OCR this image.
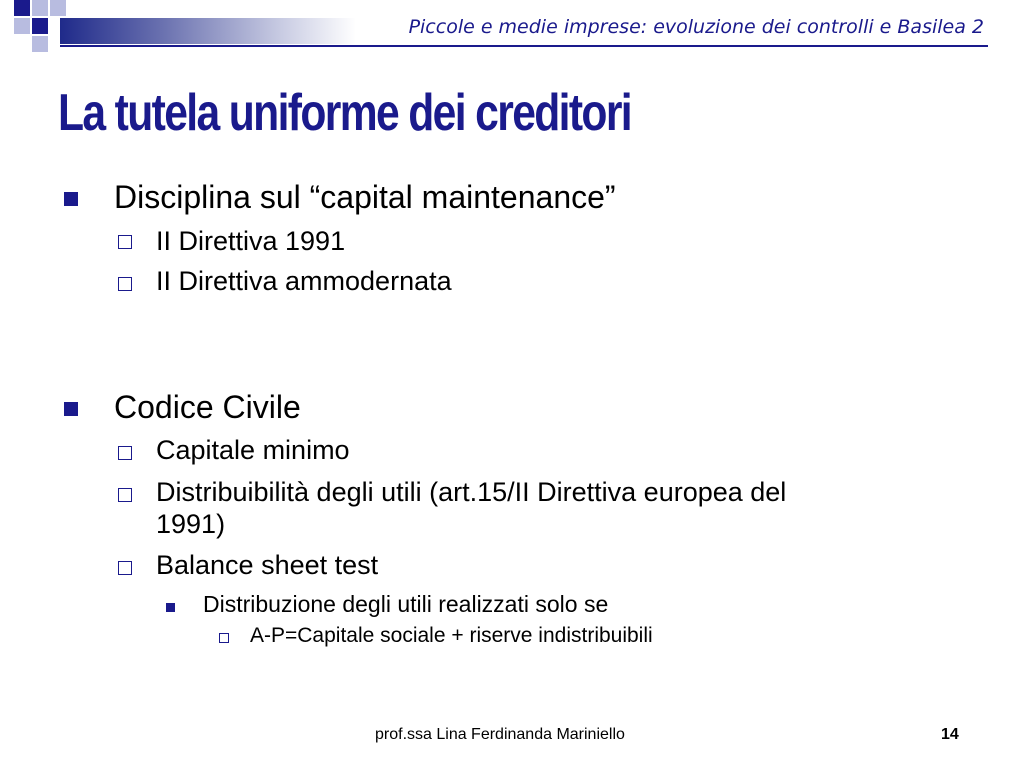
Piccole e medie imprese: evoluzione dei controlli e Basilea 2
La tutela uniforme dei creditori
Disciplina sul “capital maintenance”
II Direttiva 1991
II Direttiva ammodernata
Codice Civile
Capitale minimo
Distribuibilità degli utili (art.15/II Direttiva europea del
1991)
Balance sheet test
Distribuzione degli utili realizzati solo se
A-P=Capitale sociale + riserve indistribuibili
prof.ssa Lina Ferdinanda Mariniello	14
